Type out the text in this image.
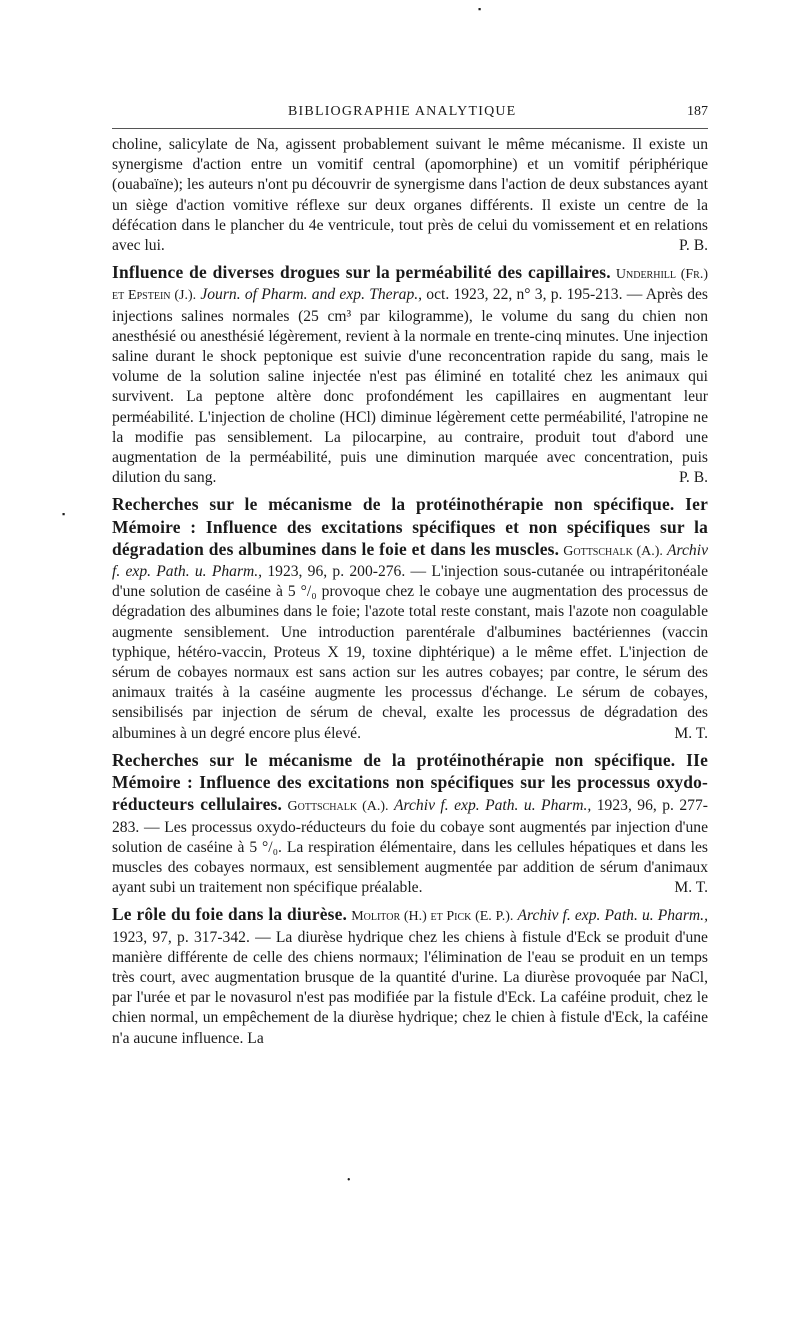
▪
▪
BIBLIOGRAPHIE ANALYTIQUE	187

choline, salicylate de Na, agissent probablement suivant le même mécanisme. Il existe un synergisme d'action entre un vomitif central (apomorphine) et un vomitif périphérique (ouabaïne); les auteurs n'ont pu découvrir de synergisme dans l'action de deux substances ayant un siège d'action vomitive réflexe sur deux organes différents. Il existe un centre de la défécation dans le plancher du 4e ventricule, tout près de celui du vomissement et en relations avec lui.	P. B.

Influence de diverses drogues sur la perméabilité des capillaires. Underhill (Fr.) et Epstein (J.). Journ. of Pharm. and exp. Therap., oct. 1923, 22, n° 3, p. 195-213. — Après des injections salines normales (25 cm³ par kilogramme), le volume du sang du chien non anesthésié ou anesthésié légèrement, revient à la normale en trente-cinq minutes. Une injection saline durant le shock peptonique est suivie d'une reconcentration rapide du sang, mais le volume de la solution saline injectée n'est pas éliminé en totalité chez les animaux qui survivent. La peptone altère donc profondément les capillaires en augmentant leur perméabilité. L'injection de choline (HCl) diminue légèrement cette perméabilité, l'atropine ne la modifie pas sensiblement. La pilocarpine, au contraire, produit tout d'abord une augmentation de la perméabilité, puis une diminution marquée avec concentration, puis dilution du sang.	P. B.

Recherches sur le mécanisme de la protéinothérapie non spécifique. Ier Mémoire : Influence des excitations spécifiques et non spécifiques sur la dégradation des albumines dans le foie et dans les muscles. Gottschalk (A.). Archiv f. exp. Path. u. Pharm., 1923, 96, p. 200-276. — L'injection sous-cutanée ou intrapéritonéale d'une solution de caséine à 5 °/₀ provoque chez le cobaye une augmentation des processus de dégradation des albumines dans le foie; l'azote total reste constant, mais l'azote non coagulable augmente sensiblement. Une introduction parentérale d'albumines bactériennes (vaccin typhique, hétéro-vaccin, Proteus X 19, toxine diphtérique) a le même effet. L'injection de sérum de cobayes normaux est sans action sur les autres cobayes; par contre, le sérum des animaux traités à la caséine augmente les processus d'échange. Le sérum de cobayes, sensibilisés par injection de sérum de cheval, exalte les processus de dégradation des albumines à un degré encore plus élevé.	M. T.

Recherches sur le mécanisme de la protéinothérapie non spécifique. IIe Mémoire : Influence des excitations non spécifiques sur les processus oxydo-réducteurs cellulaires. Gottschalk (A.). Archiv f. exp. Path. u. Pharm., 1923, 96, p. 277-283. — Les processus oxydo-réducteurs du foie du cobaye sont augmentés par injection d'une solution de caséine à 5 °/₀. La respiration élémentaire, dans les cellules hépatiques et dans les muscles des cobayes normaux, est sensiblement augmentée par addition de sérum d'animaux ayant subi un traitement non spécifique préalable.	M. T.

Le rôle du foie dans la diurèse. Molitor (H.) et Pick (E. P.). Archiv f. exp. Path. u. Pharm., 1923, 97, p. 317-342. — La diurèse hydrique chez les chiens à fistule d'Eck se produit d'une manière différente de celle des chiens normaux; l'élimination de l'eau se produit en un temps très court, avec augmentation brusque de la quantité d'urine. La diurèse provoquée par NaCl, par l'urée et par le novasurol n'est pas modifiée par la fistule d'Eck. La caféine produit, chez le chien normal, un empêchement de la diurèse hydrique; chez le chien à fistule d'Eck, la caféine n'a aucune influence. La

•
